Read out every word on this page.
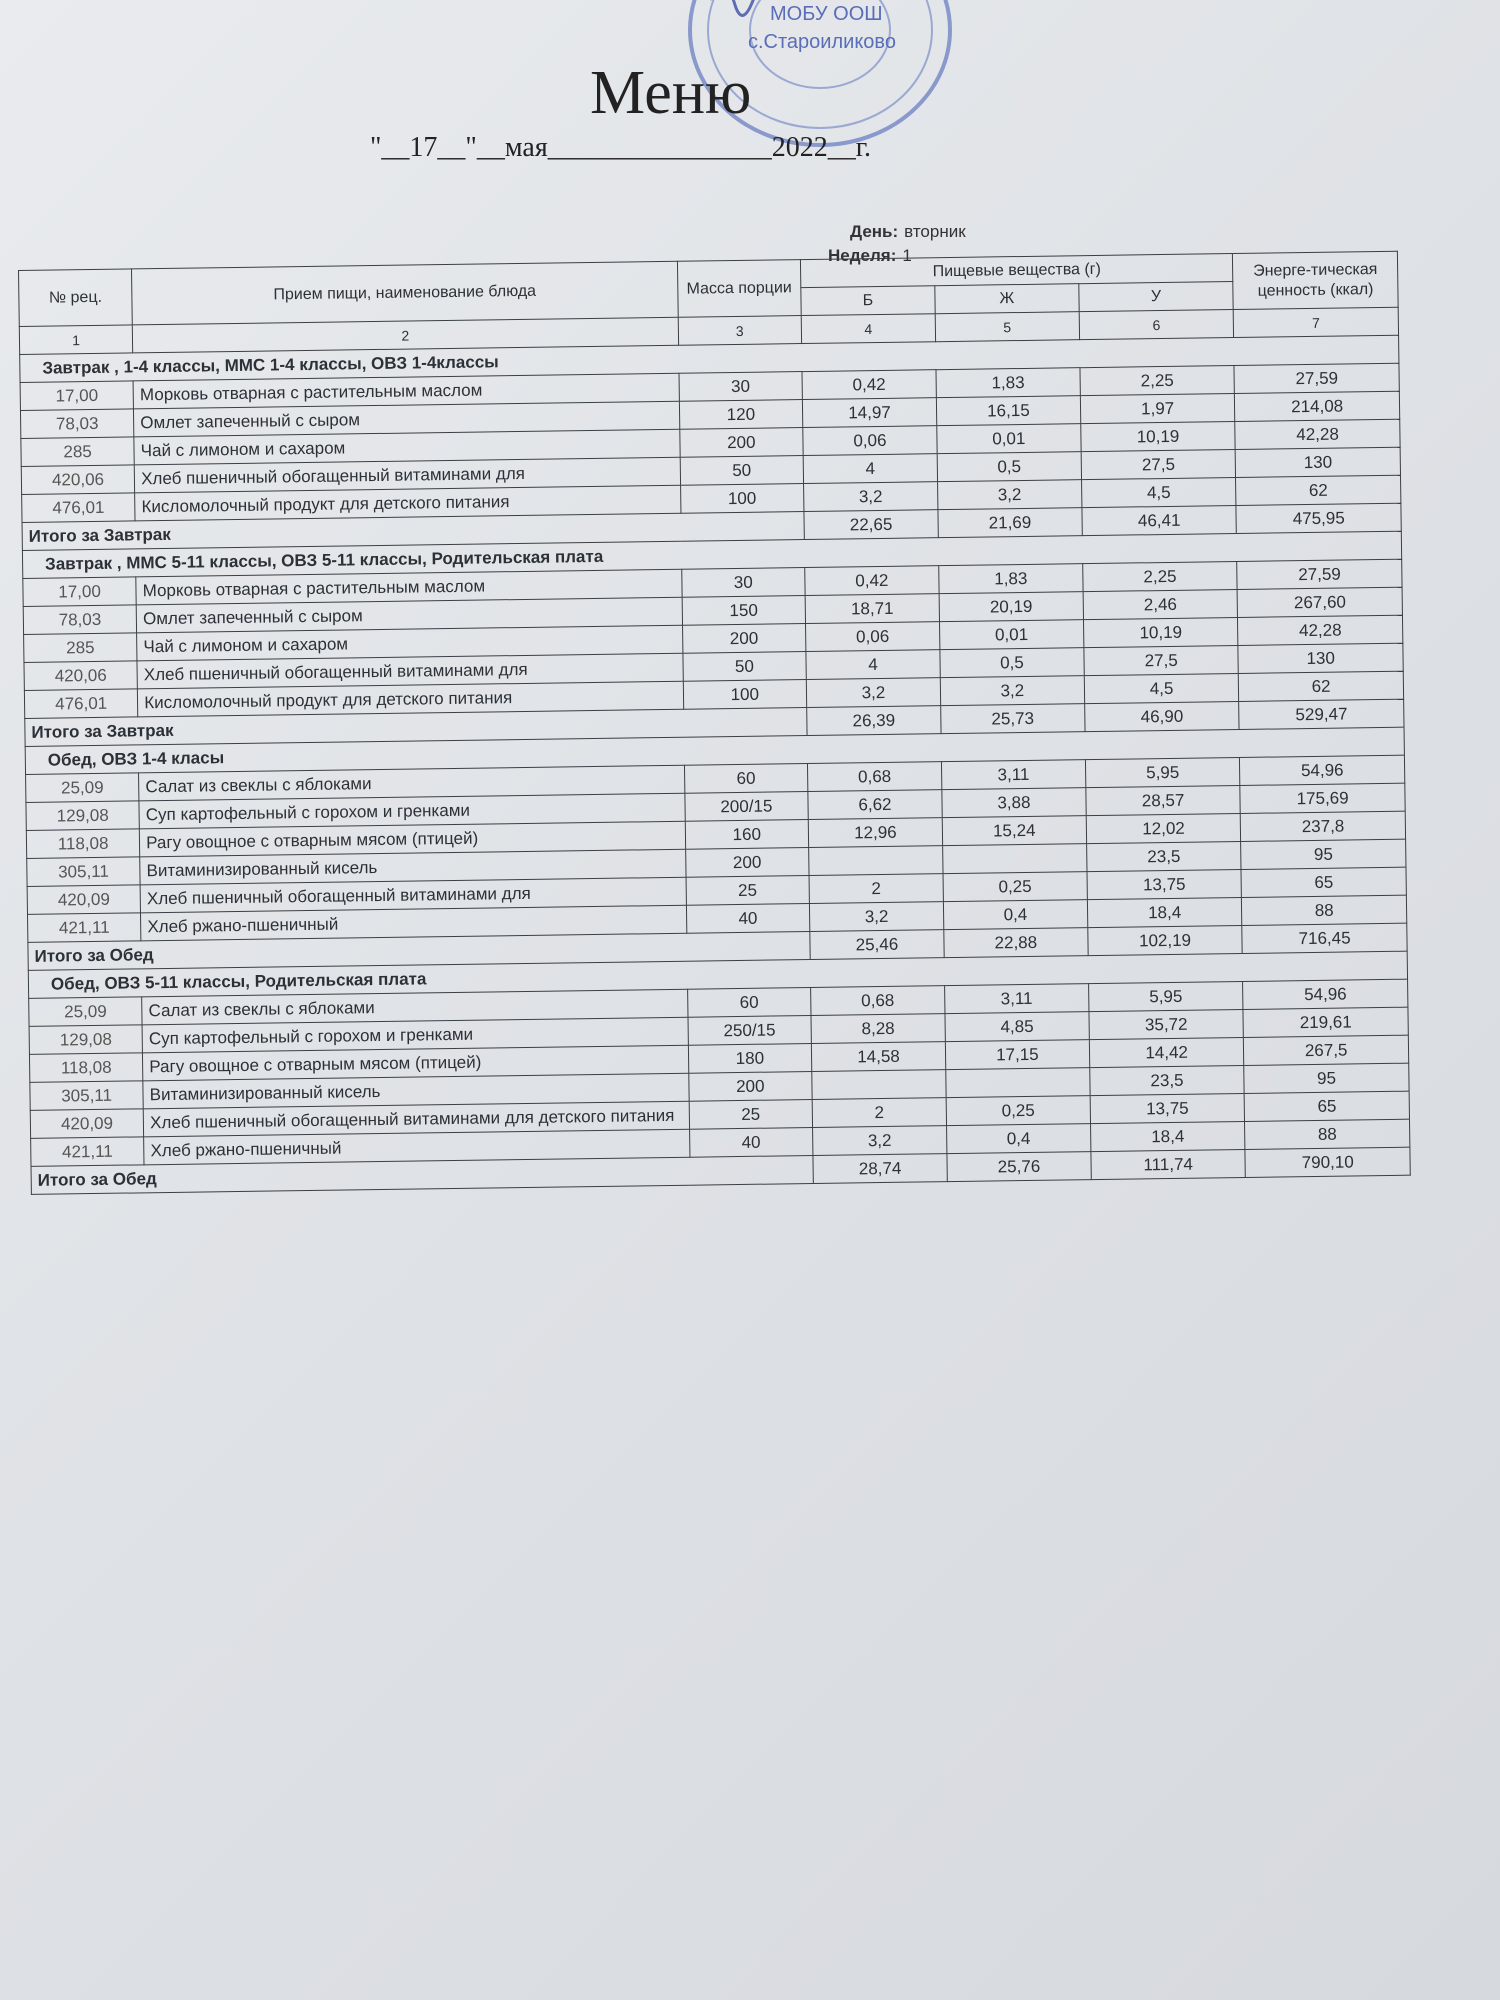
МОБУ ООШ
с.Староиликово
Меню
"__17__"__мая________________2022__г.
День: вторник
Неделя: 1
№ рец.	Прием пищи, наименование блюда	Масса порции	Пищевые вещества (г)			Энерге-тическая ценность (ккал)
			Б	Ж	У	
1	2	3	4	5	6	7
Завтрак , 1-4 классы, ММС 1-4 классы, ОВЗ 1-4классы						
17,00	Морковь отварная с растительным маслом	30	0,42	1,83	2,25	27,59
78,03	Омлет запеченный с сыром	120	14,97	16,15	1,97	214,08
285	Чай с лимоном и сахаром	200	0,06	0,01	10,19	42,28
420,06	Хлеб пшеничный обогащенный витаминами для	50	4	0,5	27,5	130
476,01	Кисломолочный продукт для детского питания	100	3,2	3,2	4,5	62
Итого за Завтрак			22,65	21,69	46,41	475,95
Завтрак , ММС 5-11 классы, ОВЗ 5-11 классы, Родительская плата						
17,00	Морковь отварная с растительным маслом	30	0,42	1,83	2,25	27,59
78,03	Омлет запеченный с сыром	150	18,71	20,19	2,46	267,60
285	Чай с лимоном и сахаром	200	0,06	0,01	10,19	42,28
420,06	Хлеб пшеничный обогащенный витаминами для	50	4	0,5	27,5	130
476,01	Кисломолочный продукт для детского питания	100	3,2	3,2	4,5	62
Итого за Завтрак			26,39	25,73	46,90	529,47
Обед, ОВЗ 1-4 класы						
25,09	Салат из свеклы с яблоками	60	0,68	3,11	5,95	54,96
129,08	Суп картофельный с горохом и гренками	200/15	6,62	3,88	28,57	175,69
118,08	Рагу овощное с отварным мясом (птицей)	160	12,96	15,24	12,02	237,8
305,11	Витаминизированный кисель	200			23,5	95
420,09	Хлеб пшеничный обогащенный витаминами для	25	2	0,25	13,75	65
421,11	Хлеб ржано-пшеничный	40	3,2	0,4	18,4	88
Итого за Обед			25,46	22,88	102,19	716,45
Обед, ОВЗ 5-11 классы, Родительская плата						
25,09	Салат из свеклы с яблоками	60	0,68	3,11	5,95	54,96
129,08	Суп картофельный с горохом и гренками	250/15	8,28	4,85	35,72	219,61
118,08	Рагу овощное с отварным мясом (птицей)	180	14,58	17,15	14,42	267,5
305,11	Витаминизированный кисель	200			23,5	95
420,09	Хлеб пшеничный обогащенный витаминами для детского питания	25	2	0,25	13,75	65
421,11	Хлеб ржано-пшеничный	40	3,2	0,4	18,4	88
Итого за Обед			28,74	25,76	111,74	790,10
